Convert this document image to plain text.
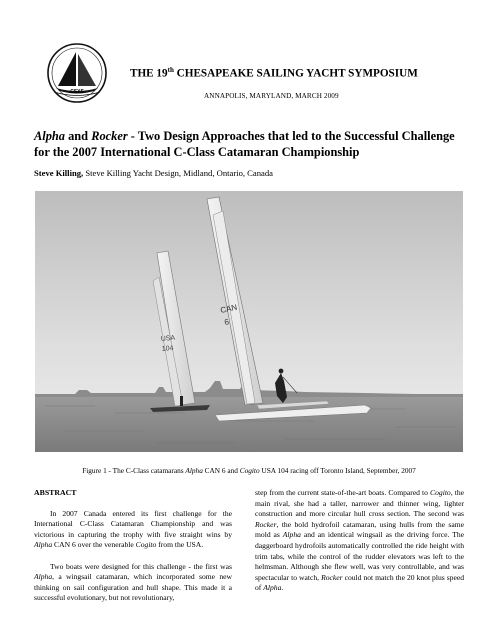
CSYS
THE 19th CHESAPEAKE SAILING YACHT SYMPOSIUM
ANNAPOLIS, MARYLAND, MARCH 2009
Alpha and Rocker - Two Design Approaches that led to the Successful Challenge for the 2007 International C-Class Catamaran Championship
Steve Killing, Steve Killing Yacht Design, Midland, Ontario, Canada
USA
104
CAN
6
Figure 1 - The C-Class catamarans Alpha CAN 6 and Cogito USA 104 racing off Toronto Island, September, 2007
ABSTRACT

In 2007 Canada entered its first challenge for the International C-Class Catamaran Championship and was victorious in capturing the trophy with five straight wins by Alpha CAN 6 over the venerable Cogito from the USA.

Two boats were designed for this challenge - the first was Alpha, a wingsail catamaran, which incorporated some new thinking on sail configuration and hull shape. This made it a successful evolutionary, but not revolutionary,

step from the current state-of-the-art boats. Compared to Cogito, the main rival, she had a taller, narrower and thinner wing, lighter construction and more circular hull cross section. The second was Rocker, the bold hydrofoil catamaran, using hulls from the same mold as Alpha and an identical wingsail as the driving force. The daggerboard hydrofoils automatically controlled the ride height with trim tabs, while the control of the rudder elevators was left to the helmsman. Although she flew well, was very controllable, and was spectacular to watch, Rocker could not match the 20 knot plus speed of Alpha.
